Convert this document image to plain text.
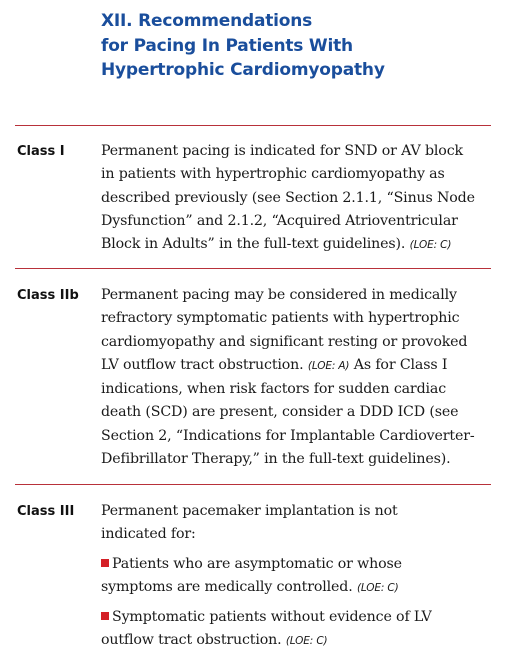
XII. Recommendations
for Pacing In Patients With
Hypertrophic Cardiomyopathy
Class I	Permanent pacing is indicated for SND or AV block
in patients with hypertrophic cardiomyopathy as
described previously (see Section 2.1.1, “Sinus Node
Dysfunction” and 2.1.2, “Acquired Atrioventricular
Block in Adults” in the full-text guidelines). (LOE: C)
Class IIb Permanent pacing may be considered in medically
refractory symptomatic patients with hypertrophic
cardiomyopathy and significant resting or provoked
LV outflow tract obstruction. (LOE: A) As for Class I
indications, when risk factors for sudden cardiac
death (SCD) are present, consider a DDD ICD (see
Section 2, “Indications for Implantable Cardioverter-
Defibrillator Therapy,” in the full-text guidelines).
Class III Permanent pacemaker implantation is not
indicated for:
Patients who are asymptomatic or whose
symptoms are medically controlled. (LOE: C)
Symptomatic patients without evidence of LV
outflow tract obstruction. (LOE: C)
